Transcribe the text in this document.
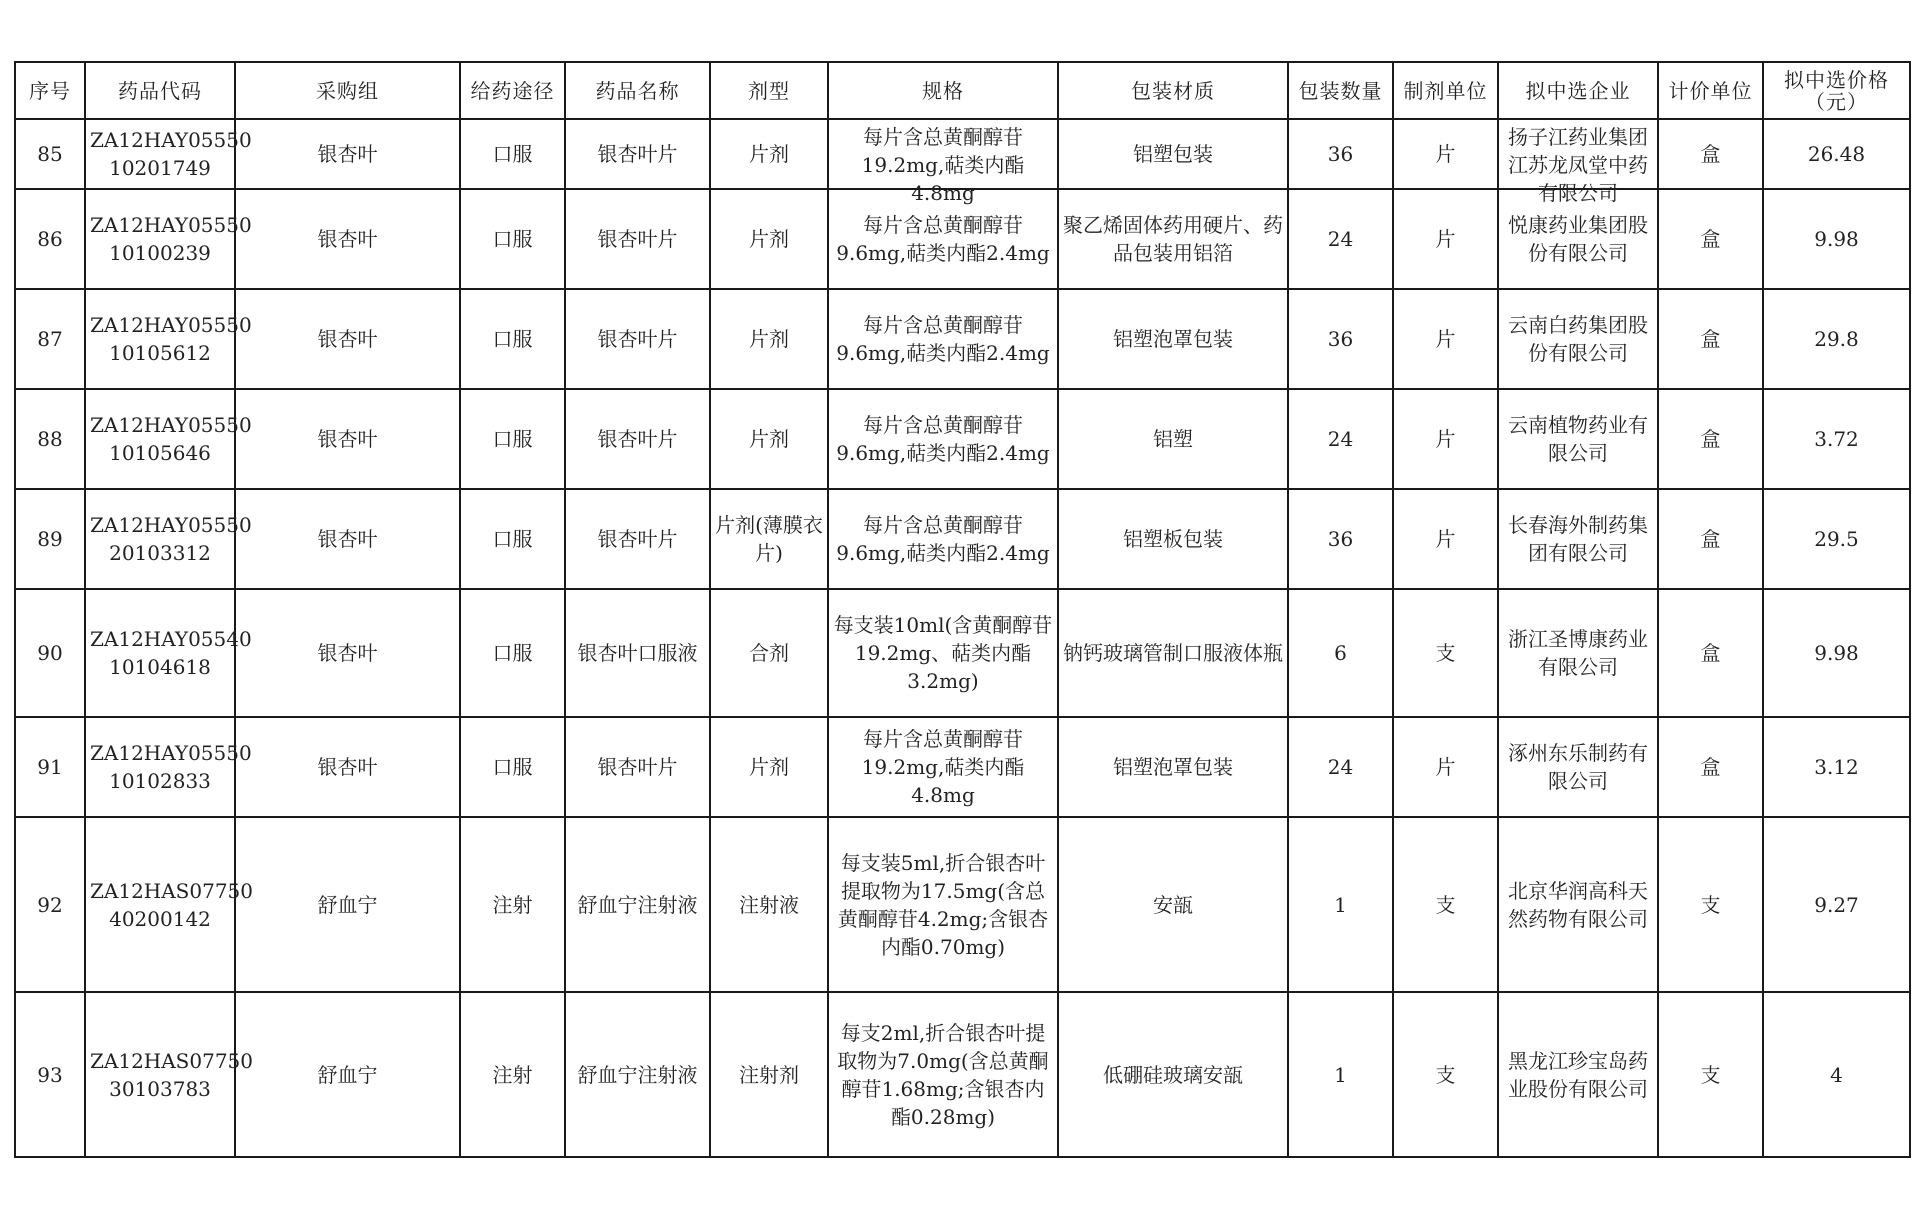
序号	药品代码	采购组	给药途径	药品名称	剂型	规格	包装材质	包装数量	制剂单位	拟中选企业	计价单位	拟中选价格（元）

85	ZA12HAY05550 10201749	银杏叶	口服	银杏叶片	片剂	每片含总黄酮醇苷19.2mg,萜类内酯4.8mg	铝塑包装	36	片	扬子江药业集团江苏龙凤堂中药有限公司	盒	26.48

86	ZA12HAY05550 10100239	银杏叶	口服	银杏叶片	片剂	每片含总黄酮醇苷9.6mg,萜类内酯2.4mg	聚乙烯固体药用硬片、药品包装用铝箔	24	片	悦康药业集团股份有限公司	盒	9.98

87	ZA12HAY05550 10105612	银杏叶	口服	银杏叶片	片剂	每片含总黄酮醇苷9.6mg,萜类内酯2.4mg	铝塑泡罩包装	36	片	云南白药集团股份有限公司	盒	29.8

88	ZA12HAY05550 10105646	银杏叶	口服	银杏叶片	片剂	每片含总黄酮醇苷9.6mg,萜类内酯2.4mg	铝塑	24	片	云南植物药业有限公司	盒	3.72

89	ZA12HAY05550 20103312	银杏叶	口服	银杏叶片	片剂(薄膜衣片)	每片含总黄酮醇苷9.6mg,萜类内酯2.4mg	铝塑板包装	36	片	长春海外制药集团有限公司	盒	29.5

90	ZA12HAY05540 10104618	银杏叶	口服	银杏叶口服液	合剂	每支装10ml(含黄酮醇苷19.2mg、萜类内酯3.2mg)	钠钙玻璃管制口服液体瓶	6	支	浙江圣博康药业有限公司	盒	9.98

91	ZA12HAY05550 10102833	银杏叶	口服	银杏叶片	片剂	每片含总黄酮醇苷19.2mg,萜类内酯4.8mg	铝塑泡罩包装	24	片	涿州东乐制药有限公司	盒	3.12

92	ZA12HAS07750 40200142	舒血宁	注射	舒血宁注射液	注射液	每支装5ml,折合银杏叶提取物为17.5mg(含总黄酮醇苷4.2mg;含银杏内酯0.70mg)	安瓿	1	支	北京华润高科天然药物有限公司	支	9.27

93	ZA12HAS07750 30103783	舒血宁	注射	舒血宁注射液	注射剂	每支2ml,折合银杏叶提取物为7.0mg(含总黄酮醇苷1.68mg;含银杏内酯0.28mg)	低硼硅玻璃安瓿	1	支	黑龙江珍宝岛药业股份有限公司	支	4
